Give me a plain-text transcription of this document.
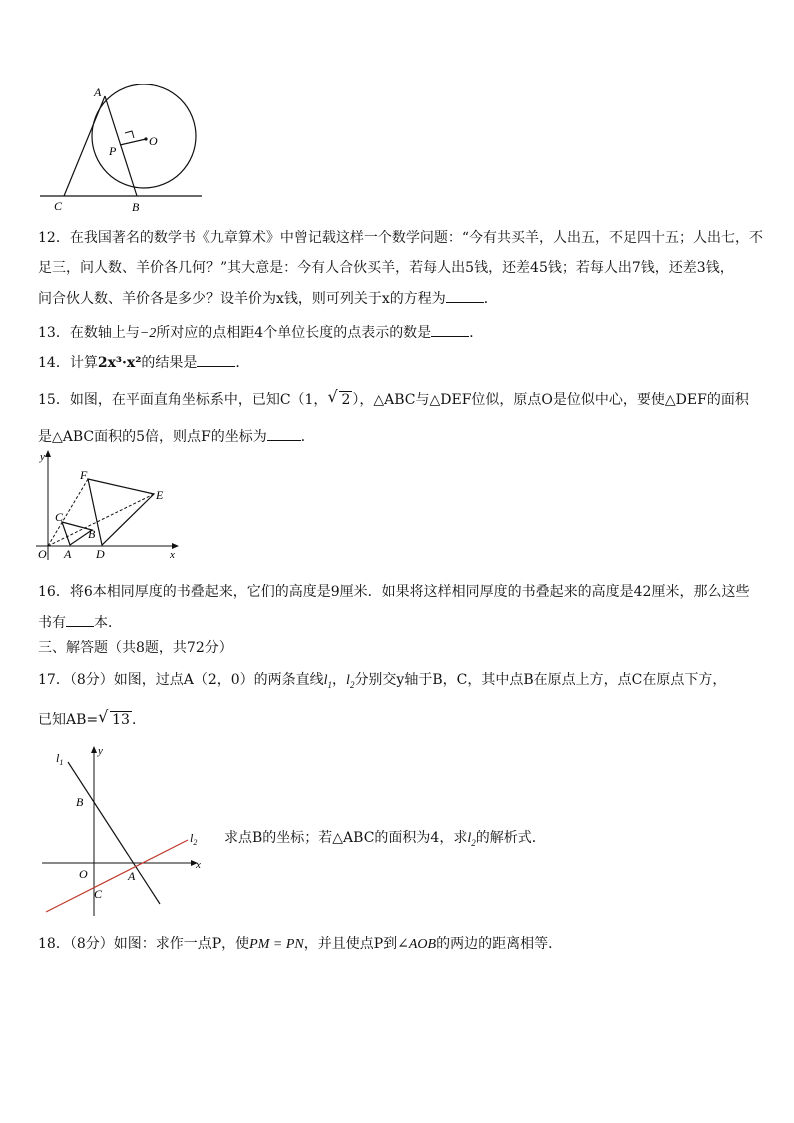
A
O
P
C	B
12．在我国著名的数学书《九章算术》中曾记载这样一个数学问题：“今有共买羊，人出五，不足四十五；人出七，不
足三，问人数、羊价各几何？”其大意是：今有人合伙买羊，若每人出5钱，还差45钱；若每人出7钱，还差3钱，
问合伙人数、羊价各是多少？设羊价为x钱，则可列关于x的方程为	．
13．在数轴上与−2所对应的点相距4个单位长度的点表示的数是	．
14．计算2x³·x²的结果是	．
15．如图，在平面直角坐标系中，已知C（1， √ 2 ），△ABC与△DEF位似，原点O是位似中心，要使△DEF的面积
是△ABC面积的5倍，则点F的坐标为 ．
y
x
F
E
C
B
O A D
16．将6本相同厚度的书叠起来，它们的高度是9厘米．如果将这样相同厚度的书叠起来的高度是42厘米，那么这些
书有 本．
三、解答题（共8题，共72分）
17．（8分）如图，过点A（2，0）的两条直线$l_1$，$l_2$分别交y轴于B，C，其中点B在原点上方，点C在原点下方，
已知AB= √ 13 ．
$l_1$
y
B
$l_2$
x
O	A
C
求点B的坐标；若△ABC的面积为4，求$l_2$的解析式．
18．（8分）如图：求作一点P，使PM = PN，并且使点P到∠AOB的两边的距离相等．
